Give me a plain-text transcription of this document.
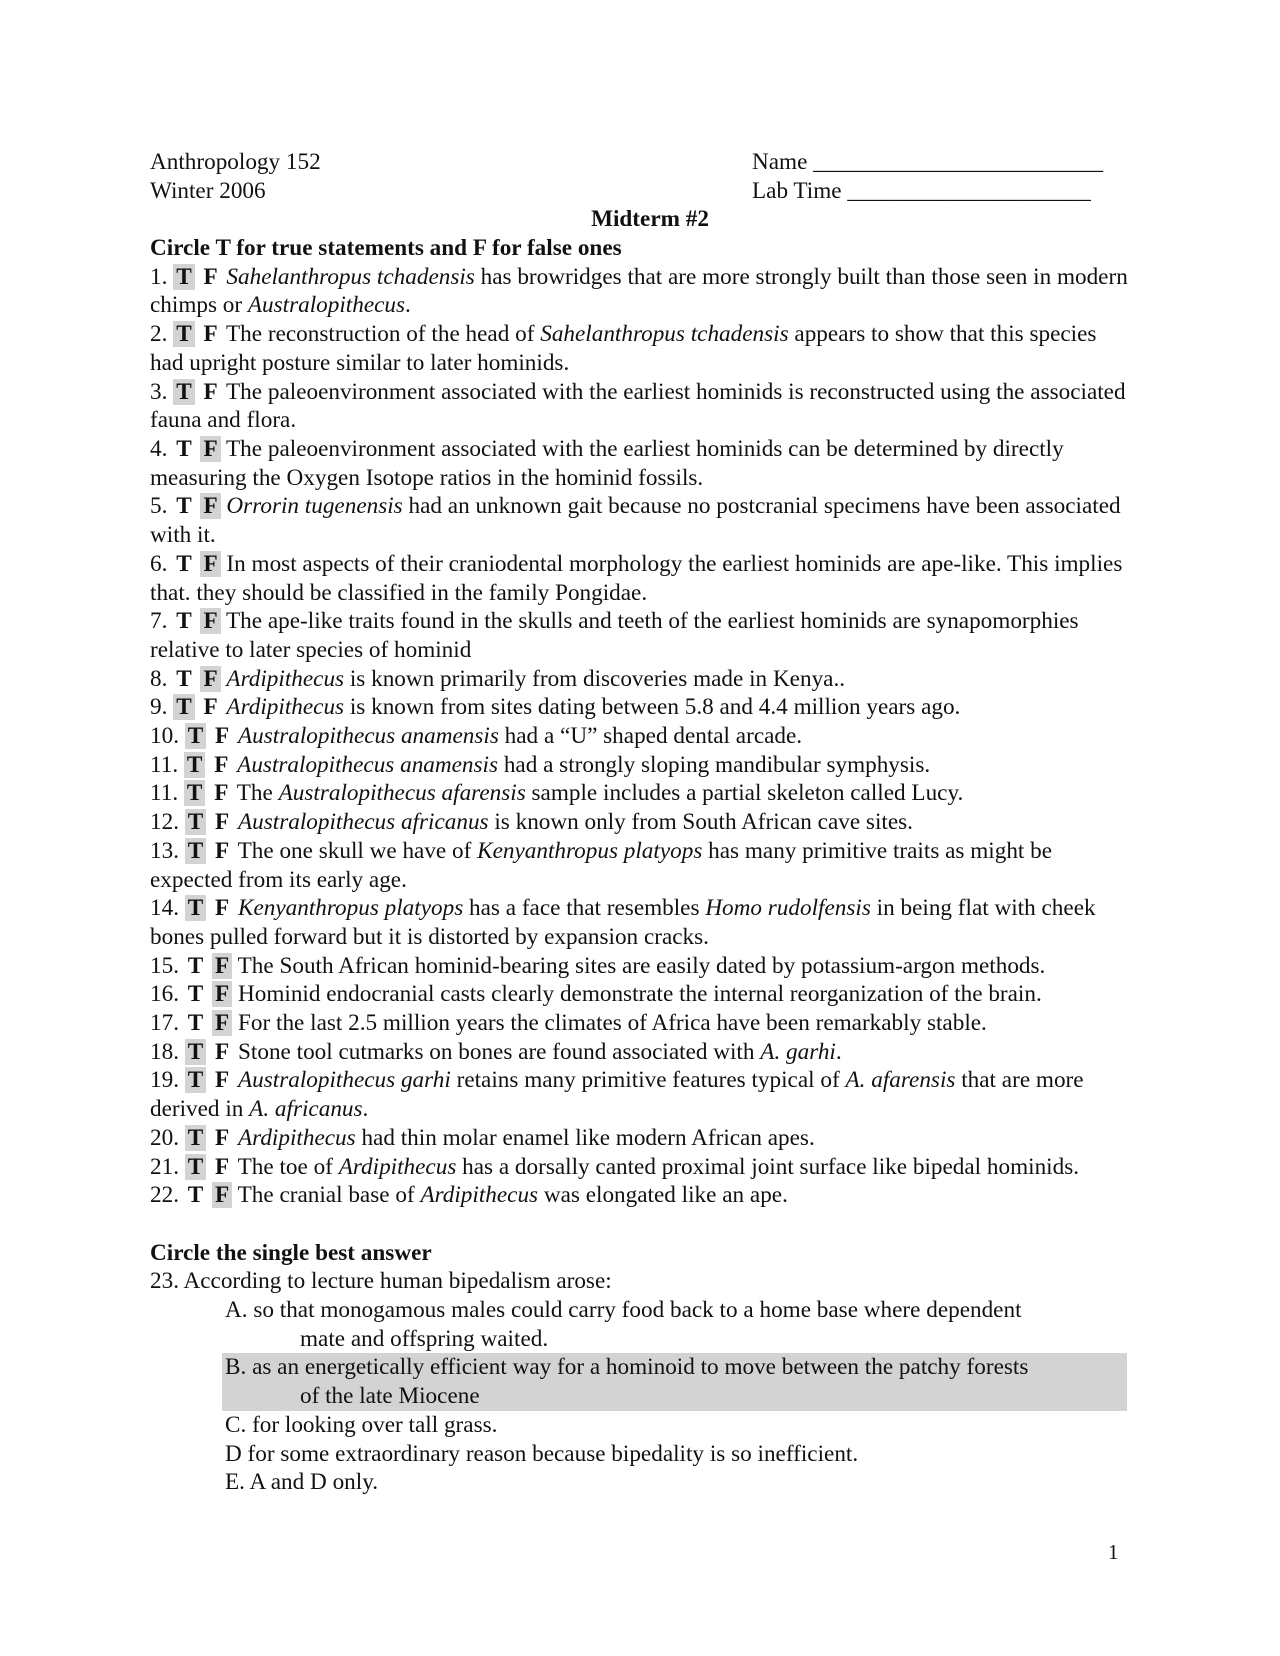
Anthropology 152
Winter 2006
Name _________________________
Lab Time _____________________
Midterm #2
Circle T for true statements and F for false ones
1. T F Sahelanthropus tchadensis has browridges that are more strongly built than those seen in modern chimps or Australopithecus.
2. T F The reconstruction of the head of Sahelanthropus tchadensis appears to show that this species had upright posture similar to later hominids.
3. T F The paleoenvironment associated with the earliest hominids is reconstructed using the associated fauna and flora.
4. T F The paleoenvironment associated with the earliest hominids can be determined by directly measuring the Oxygen Isotope ratios in the hominid fossils.
5. T F Orrorin tugenensis had an unknown gait because no postcranial specimens have been associated with it.
6. T F In most aspects of their craniodental morphology the earliest hominids are ape-like. This implies that. they should be classified in the family Pongidae.
7. T F The ape-like traits found in the skulls and teeth of the earliest hominids are synapomorphies relative to later species of hominid
8. T F Ardipithecus is known primarily from discoveries made in Kenya..
9. T F Ardipithecus is known from sites dating between 5.8 and 4.4 million years ago.
10. T F Australopithecus anamensis had a “U” shaped dental arcade.
11. T F Australopithecus anamensis had a strongly sloping mandibular symphysis.
11. T F The Australopithecus afarensis sample includes a partial skeleton called Lucy.
12. T F Australopithecus africanus is known only from South African cave sites.
13. T F The one skull we have of Kenyanthropus platyops has many primitive traits as might be expected from its early age.
14. T F Kenyanthropus platyops has a face that resembles Homo rudolfensis in being flat with cheek bones pulled forward but it is distorted by expansion cracks.
15. T F The South African hominid-bearing sites are easily dated by potassium-argon methods.
16. T F Hominid endocranial casts clearly demonstrate the internal reorganization of the brain.
17. T F For the last 2.5 million years the climates of Africa have been remarkably stable.
18. T F Stone tool cutmarks on bones are found associated with A. garhi.
19. T F Australopithecus garhi retains many primitive features typical of A. afarensis that are more derived in A. africanus.
20. T F Ardipithecus had thin molar enamel like modern African apes.
21. T F The toe of Ardipithecus has a dorsally canted proximal joint surface like bipedal hominids.
22. T F The cranial base of Ardipithecus was elongated like an ape.
Circle the single best answer
23. According to lecture human bipedalism arose:
A. so that monogamous males could carry food back to a home base where dependent
mate and offspring waited.
B. as an energetically efficient way for a hominoid to move between the patchy forests
of the late Miocene
C. for looking over tall grass.
D for some extraordinary reason because bipedality is so inefficient.
E. A and D only.
1
